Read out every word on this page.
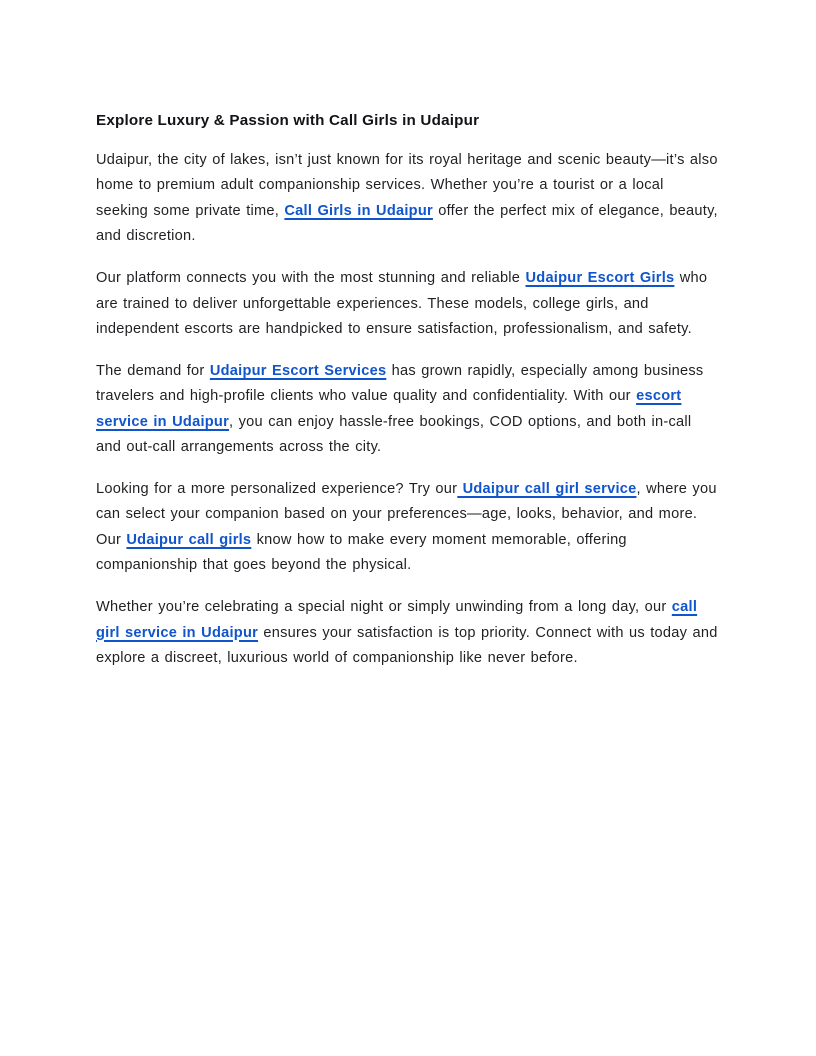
Explore Luxury & Passion with Call Girls in Udaipur

Udaipur, the city of lakes, isn’t just known for its royal heritage and scenic beauty—it’s also home to premium adult companionship services. Whether you’re a tourist or a local seeking some private time, Call Girls in Udaipur offer the perfect mix of elegance, beauty, and discretion.

Our platform connects you with the most stunning and reliable Udaipur Escort Girls who are trained to deliver unforgettable experiences. These models, college girls, and independent escorts are handpicked to ensure satisfaction, professionalism, and safety.

The demand for Udaipur Escort Services has grown rapidly, especially among business travelers and high-profile clients who value quality and confidentiality. With our escort service in Udaipur, you can enjoy hassle-free bookings, COD options, and both in-call and out-call arrangements across the city.

Looking for a more personalized experience? Try our Udaipur call girl service, where you can select your companion based on your preferences—age, looks, behavior, and more. Our Udaipur call girls know how to make every moment memorable, offering companionship that goes beyond the physical.

Whether you’re celebrating a special night or simply unwinding from a long day, our call girl service in Udaipur ensures your satisfaction is top priority. Connect with us today and explore a discreet, luxurious world of companionship like never before.
